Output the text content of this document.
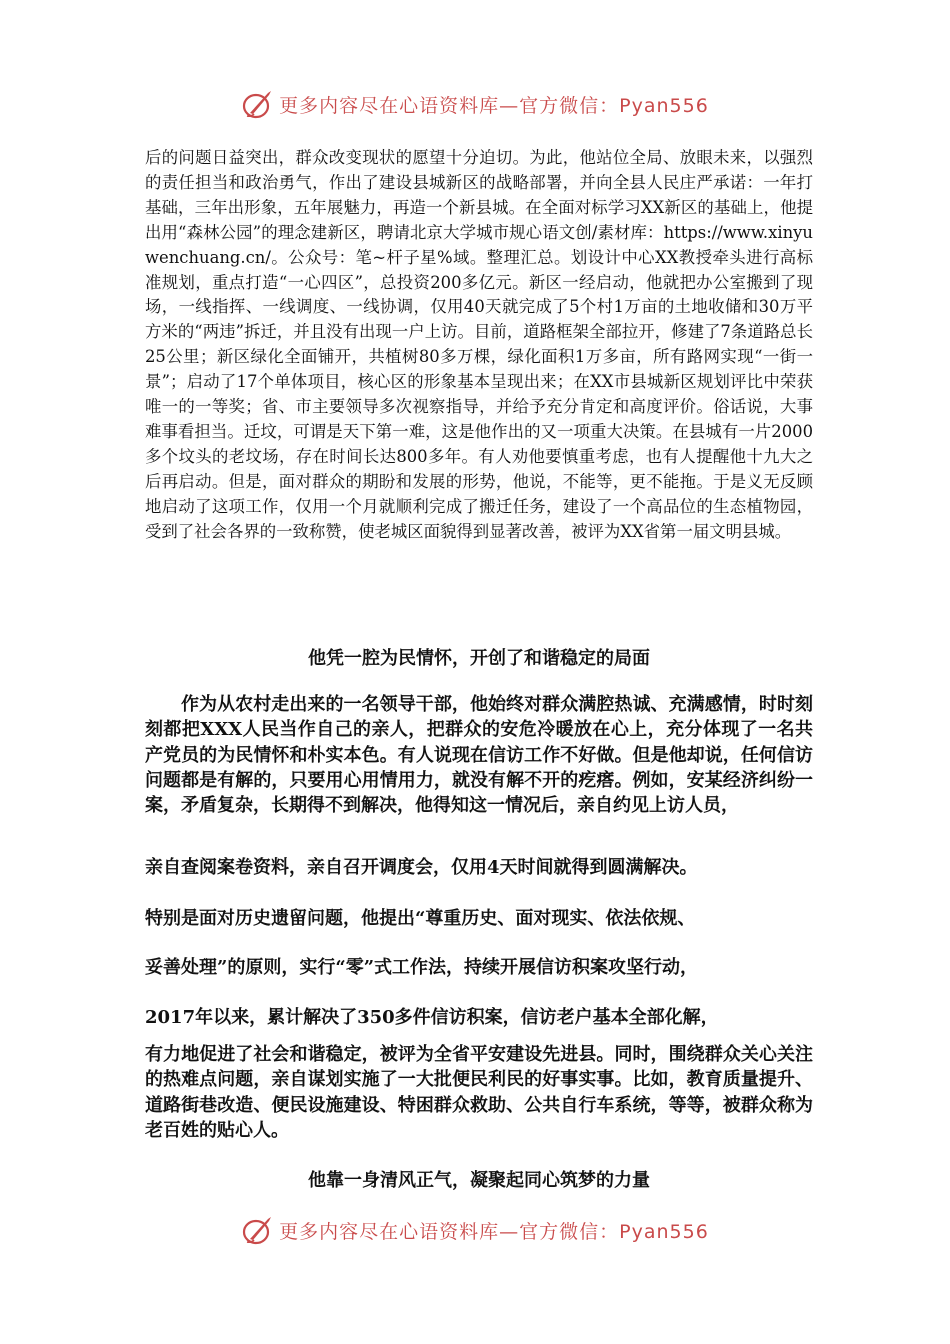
更多内容尽在心语资料库—官方微信：Pyan556

后的问题日益突出，群众改变现状的愿望十分迫切。为此，他站位全局、放眼未来，以强烈的责任担当和政治勇气，作出了建设县城新区的战略部署，并向全县人民庄严承诺：一年打基础，三年出形象，五年展魅力，再造一个新县城。在全面对标学习XX新区的基础上，他提出用“森林公园”的理念建新区，聘请北京大学城市规心语文创/素材库：https://www.xinyuwenchuang.cn/。公众号：笔~杆子星%域。整理汇总。划设计中心XX教授牵头进行高标准规划，重点打造“一心四区”，总投资200多亿元。新区一经启动，他就把办公室搬到了现场，一线指挥、一线调度、一线协调，仅用40天就完成了5个村1万亩的土地收储和30万平方米的“两违”拆迁，并且没有出现一户上访。目前，道路框架全部拉开，修建了7条道路总长25公里；新区绿化全面铺开，共植树80多万棵，绿化面积1万多亩，所有路网实现“一街一景”；启动了17个单体项目，核心区的形象基本呈现出来；在XX市县城新区规划评比中荣获唯一的一等奖；省、市主要领导多次视察指导，并给予充分肯定和高度评价。俗话说，大事难事看担当。迁坟，可谓是天下第一难，这是他作出的又一项重大决策。在县城有一片2000多个坟头的老坟场，存在时间长达800多年。有人劝他要慎重考虑，也有人提醒他十九大之后再启动。但是，面对群众的期盼和发展的形势，他说，不能等，更不能拖。于是义无反顾地启动了这项工作，仅用一个月就顺利完成了搬迁任务，建设了一个高品位的生态植物园，受到了社会各界的一致称赞，使老城区面貌得到显著改善，被评为XX省第一届文明县城。

他凭一腔为民情怀，开创了和谐稳定的局面

作为从农村走出来的一名领导干部，他始终对群众满腔热诚、充满感情，时时刻刻都把XXX人民当作自己的亲人，把群众的安危冷暖放在心上，充分体现了一名共产党员的为民情怀和朴实本色。有人说现在信访工作不好做。但是他却说，任何信访问题都是有解的，只要用心用情用力，就没有解不开的疙瘩。例如，安某经济纠纷一案，矛盾复杂，长期得不到解决，他得知这一情况后，亲自约见上访人员，

亲自查阅案卷资料，亲自召开调度会，仅用4天时间就得到圆满解决。

特别是面对历史遗留问题，他提出“尊重历史、面对现实、依法依规、

妥善处理”的原则，实行“零”式工作法，持续开展信访积案攻坚行动，

2017年以来，累计解决了350多件信访积案，信访老户基本全部化解，

有力地促进了社会和谐稳定，被评为全省平安建设先进县。同时，围绕群众关心关注的热难点问题，亲自谋划实施了一大批便民利民的好事实事。比如，教育质量提升、道路街巷改造、便民设施建设、特困群众救助、公共自行车系统，等等，被群众称为老百姓的贴心人。

他靠一身清风正气，凝聚起同心筑梦的力量
更多内容尽在心语资料库—官方微信：Pyan556
